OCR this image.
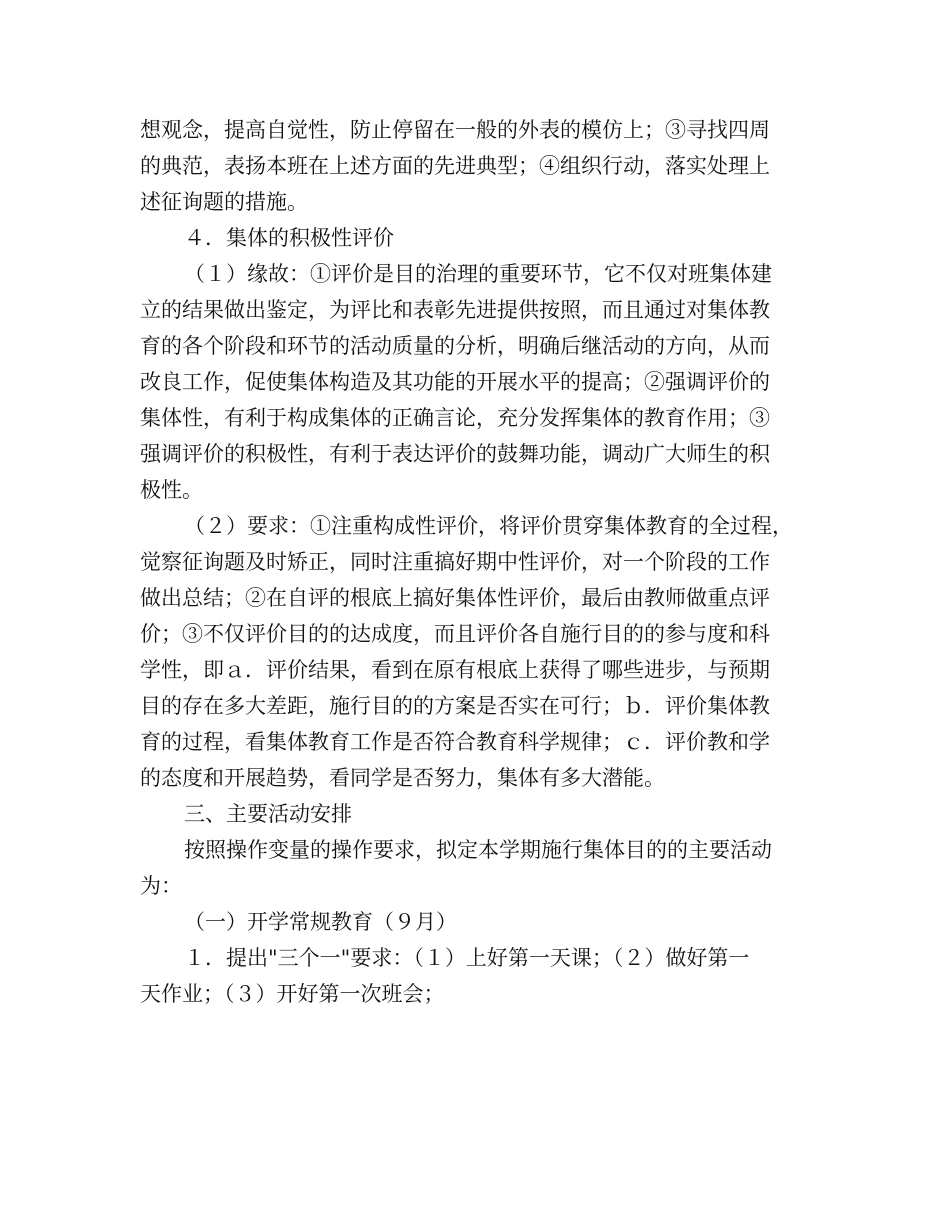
想观念，提高自觉性，防止停留在一般的外表的模仿上；③寻找四周
的典范，表扬本班在上述方面的先进典型；④组织行动，落实处理上
述征询题的措施。
４．集体的积极性评价
（１）缘故：①评价是目的治理的重要环节，它不仅对班集体建
立的结果做出鉴定，为评比和表彰先进提供按照，而且通过对集体教
育的各个阶段和环节的活动质量的分析，明确后继活动的方向，从而
改良工作，促使集体构造及其功能的开展水平的提高；②强调评价的
集体性，有利于构成集体的正确言论，充分发挥集体的教育作用；③
强调评价的积极性，有利于表达评价的鼓舞功能，调动广大师生的积
极性。
（２）要求：①注重构成性评价，将评价贯穿集体教育的全过程，
觉察征询题及时矫正，同时注重搞好期中性评价，对一个阶段的工作
做出总结；②在自评的根底上搞好集体性评价，最后由教师做重点评
价；③不仅评价目的的达成度，而且评价各自施行目的的参与度和科
学性，即ａ．评价结果，看到在原有根底上获得了哪些进步，与预期
目的存在多大差距，施行目的的方案是否实在可行；ｂ．评价集体教
育的过程，看集体教育工作是否符合教育科学规律；ｃ．评价教和学
的态度和开展趋势，看同学是否努力，集体有多大潜能。
三、主要活动安排
按照操作变量的操作要求，拟定本学期施行集体目的的主要活动
为：
（一）开学常规教育（９月）
１．提出"三个一"要求：（１）上好第一天课；（２）做好第一
天作业；（３）开好第一次班会；
